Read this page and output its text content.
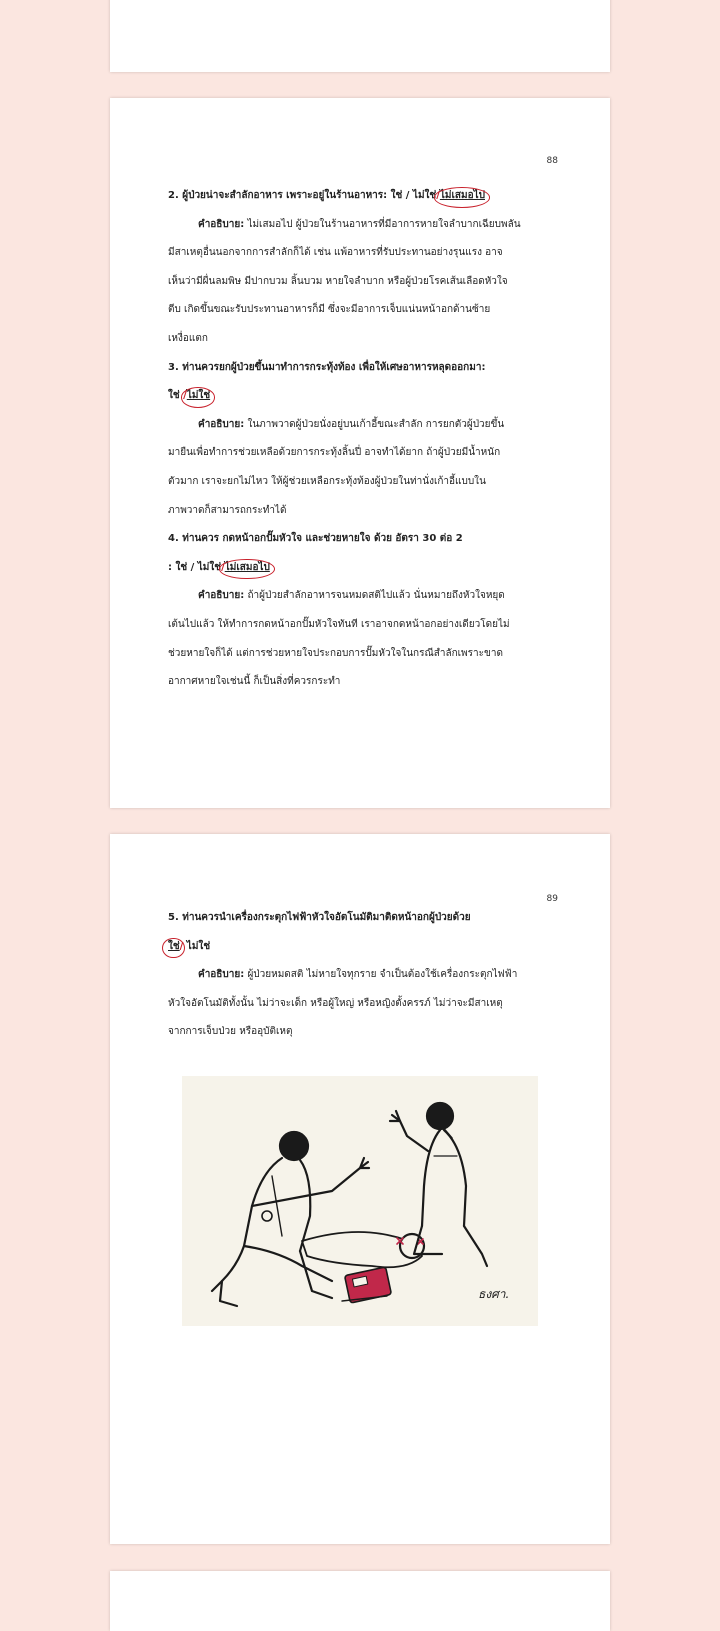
88
2. ผู้ป่วยน่าจะสำลักอาหาร เพราะอยู่ในร้านอาหาร: ใช่ / ไม่ใช่/ไม่เสมอไป

คำอธิบาย: ไม่เสมอไป ผู้ป่วยในร้านอาหารที่มีอาการหายใจลำบากเฉียบพลัน

มีสาเหตุอื่นนอกจากการสำลักก็ได้ เช่น แพ้อาหารที่รับประทานอย่างรุนแรง อาจ

เห็นว่ามีผื่นลมพิษ มีปากบวม ลิ้นบวม หายใจลำบาก หรือผู้ป่วยโรคเส้นเลือดหัวใจ

ตีบ เกิดขึ้นขณะรับประทานอาหารก็มี ซึ่งจะมีอาการเจ็บแน่นหน้าอกด้านซ้าย

เหงื่อแตก

3. ท่านควรยกผู้ป่วยขึ้นมาทำการกระทุ้งท้อง เพื่อให้เศษอาหารหลุดออกมา:
ใช่ /ไม่ใช่

คำอธิบาย: ในภาพวาดผู้ป่วยนั่งอยู่บนเก้าอี้ขณะสำลัก การยกตัวผู้ป่วยขึ้น

มายืนเพื่อทำการช่วยเหลือด้วยการกระทุ้งลิ้นปี่ อาจทำได้ยาก ถ้าผู้ป่วยมีน้ำหนัก

ตัวมาก เราจะยกไม่ไหว ให้ผู้ช่วยเหลือกระทุ้งท้องผู้ป่วยในท่านั่งเก้าอี้แบบใน

ภาพวาดก็สามารถกระทำได้

4. ท่านควร กดหน้าอกปั๊มหัวใจ และช่วยหายใจ ด้วย อัตรา 30 ต่อ 2
: ใช่ / ไม่ใช่/ไม่เสมอไป

คำอธิบาย: ถ้าผู้ป่วยสำลักอาหารจนหมดสติไปแล้ว นั่นหมายถึงหัวใจหยุด

เต้นไปแล้ว ให้ทำการกดหน้าอกปั๊มหัวใจทันที เราอาจกดหน้าอกอย่างเดียวโดยไม่

ช่วยหายใจก็ได้ แต่การช่วยหายใจประกอบการปั๊มหัวใจในกรณีสำลักเพราะขาด

อากาศหายใจเช่นนี้ ก็เป็นสิ่งที่ควรกระทำ

89
5. ท่านควรนำเครื่องกระตุกไฟฟ้าหัวใจอัตโนมัติมาติดหน้าอกผู้ป่วยด้วย
ใช่/ ไม่ใช่

คำอธิบาย: ผู้ป่วยหมดสติ ไม่หายใจทุกราย จำเป็นต้องใช้เครื่องกระตุกไฟฟ้า

หัวใจอัตโนมัติทั้งนั้น ไม่ว่าจะเด็ก หรือผู้ใหญ่ หรือหญิงตั้งครรภ์ ไม่ว่าจะมีสาเหตุ

จากการเจ็บป่วย หรืออุบัติเหตุ

ธงศา.
